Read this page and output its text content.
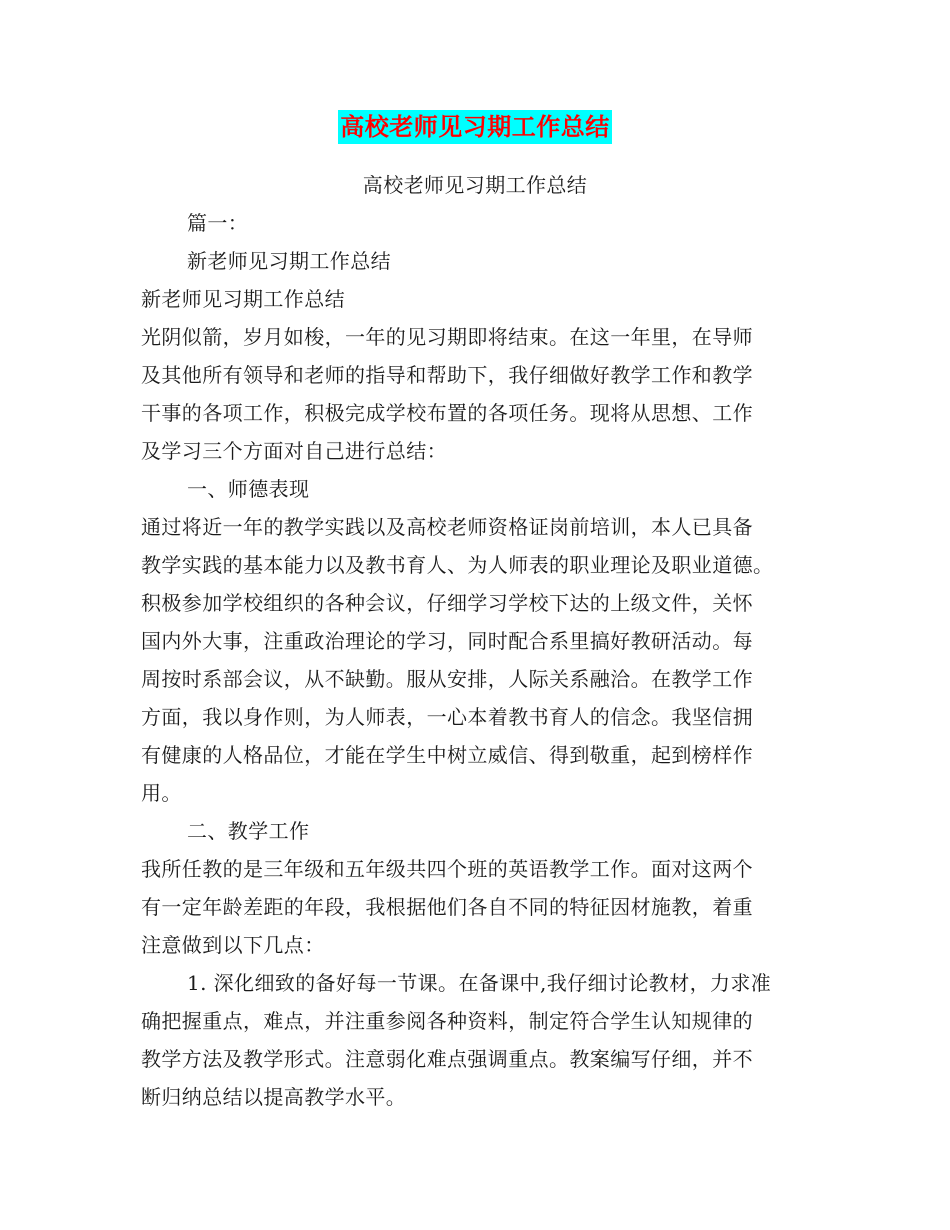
高校老师见习期工作总结

高校老师见习期工作总结

篇一：

新老师见习期工作总结

新老师见习期工作总结

光阴似箭，岁月如梭，一年的见习期即将结束。在这一年里，在导师

及其他所有领导和老师的指导和帮助下，我仔细做好教学工作和教学

干事的各项工作，积极完成学校布置的各项任务。现将从思想、工作

及学习三个方面对自己进行总结：

一、师德表现

通过将近一年的教学实践以及高校老师资格证岗前培训，本人已具备

教学实践的基本能力以及教书育人、为人师表的职业理论及职业道德。

积极参加学校组织的各种会议，仔细学习学校下达的上级文件，关怀

国内外大事，注重政治理论的学习，同时配合系里搞好教研活动。每

周按时系部会议，从不缺勤。服从安排，人际关系融洽。在教学工作

方面，我以身作则，为人师表，一心本着教书育人的信念。我坚信拥

有健康的人格品位，才能在学生中树立威信、得到敬重，起到榜样作

用。

二、教学工作

我所任教的是三年级和五年级共四个班的英语教学工作。面对这两个

有一定年龄差距的年段，我根据他们各自不同的特征因材施教，着重

注意做到以下几点：

1. 深化细致的备好每一节课。在备课中,我仔细讨论教材，力求准

确把握重点，难点，并注重参阅各种资料，制定符合学生认知规律的

教学方法及教学形式。注意弱化难点强调重点。教案编写仔细，并不

断归纳总结以提高教学水平。
